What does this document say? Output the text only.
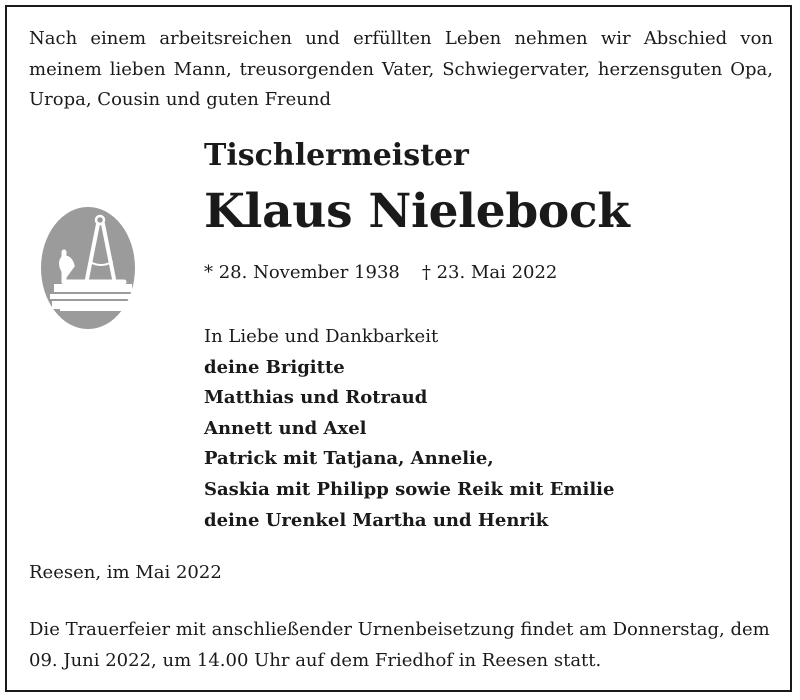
Nach einem arbeitsreichen und erfüllten Leben nehmen wir Abschied von meinem lieben Mann, treusorgenden Vater, Schwiegervater, herzensguten Opa, Uropa, Cousin und guten Freund
Tischlermeister
Klaus Nielebock
* 28. November 1938 † 23. Mai 2022
In Liebe und Dankbarkeit
deine Brigitte
Matthias und Rotraud
Annett und Axel
Patrick mit Tatjana, Annelie,
Saskia mit Philipp sowie Reik mit Emilie
deine Urenkel Martha und Henrik
Reesen, im Mai 2022
Die Trauerfeier mit anschließender Urnenbeisetzung findet am Donnerstag, dem 09. Juni 2022, um 14.00 Uhr auf dem Friedhof in Reesen statt.
